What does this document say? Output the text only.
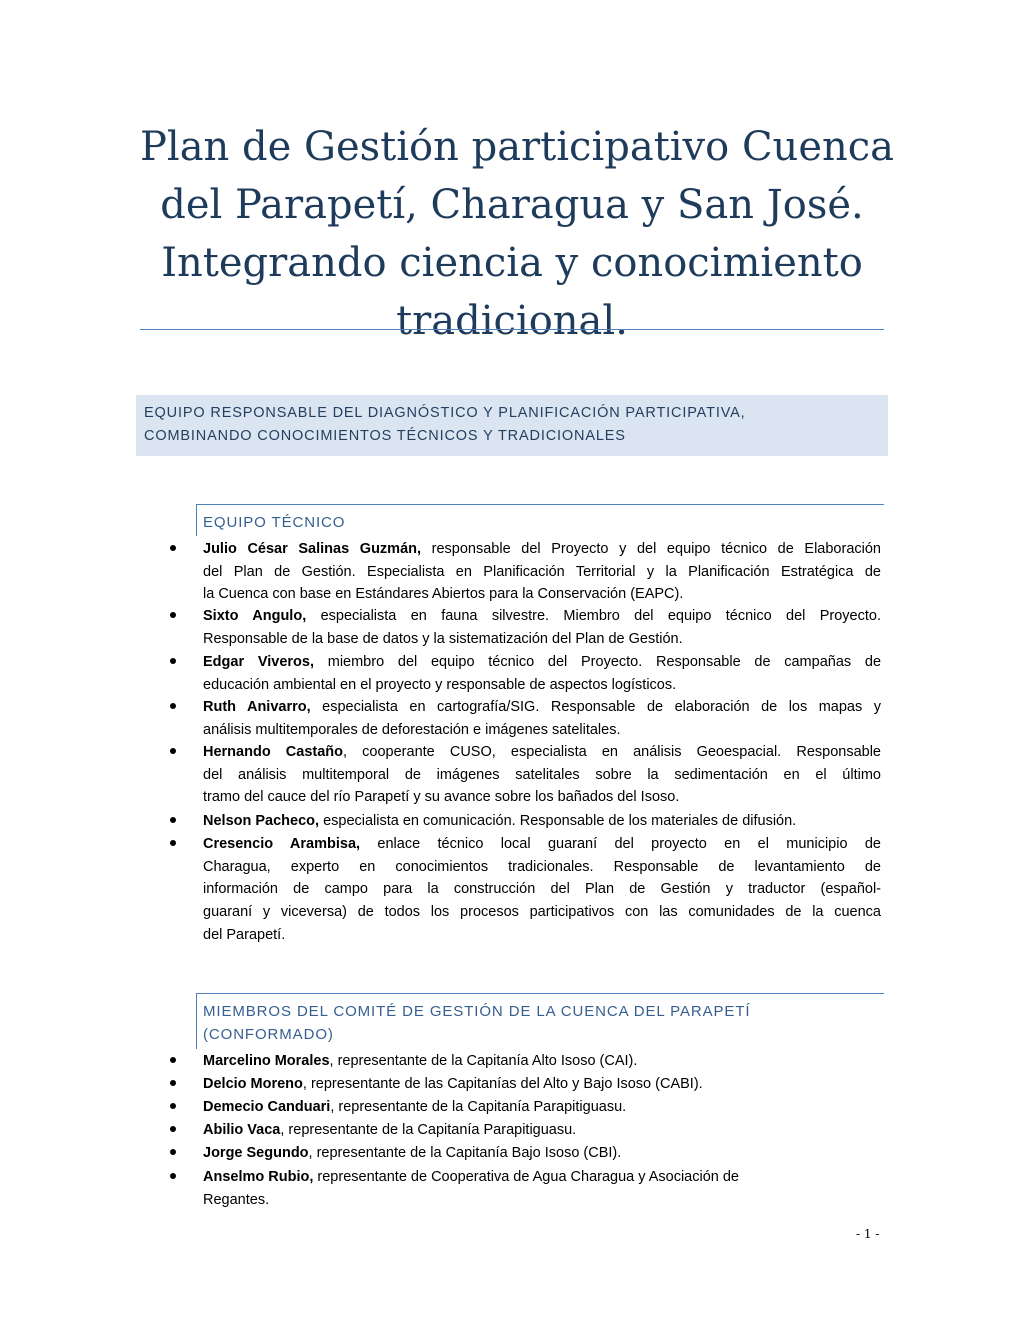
Plan de Gestión participativo Cuenca
del Parapetí, Charagua y San José.
Integrando ciencia y conocimiento
tradicional.
EQUIPO RESPONSABLE DEL DIAGNÓSTICO Y PLANIFICACIÓN PARTICIPATIVA,
COMBINANDO CONOCIMIENTOS TÉCNICOS Y TRADICIONALES
EQUIPO TÉCNICO
MIEMBROS DEL COMITÉ DE GESTIÓN DE LA CUENCA DEL PARAPETÍ
(CONFORMADO)
Julio César Salinas Guzmán, responsable del Proyecto y del equipo técnico de Elaboración
del Plan de Gestión. Especialista en Planificación Territorial y la Planificación Estratégica de
la Cuenca con base en Estándares Abiertos para la Conservación (EAPC).
Sixto Angulo, especialista en fauna silvestre. Miembro del equipo técnico del Proyecto.
Responsable de la base de datos y la sistematización del Plan de Gestión.
Edgar Viveros, miembro del equipo técnico del Proyecto. Responsable de campañas de
educación ambiental en el proyecto y responsable de aspectos logísticos.
Ruth Anivarro, especialista en cartografía/SIG. Responsable de elaboración de los mapas y
análisis multitemporales de deforestación e imágenes satelitales.
Hernando Castaño, cooperante CUSO, especialista en análisis Geoespacial. Responsable
del análisis multitemporal de imágenes satelitales sobre la sedimentación en el último
tramo del cauce del río Parapetí y su avance sobre los bañados del Isoso.
Nelson Pacheco, especialista en comunicación. Responsable de los materiales de difusión.
Cresencio Arambisa, enlace técnico local guaraní del proyecto en el municipio de
Charagua, experto en conocimientos tradicionales. Responsable de levantamiento de
información de campo para la construcción del Plan de Gestión y traductor (español-
guaraní y viceversa) de todos los procesos participativos con las comunidades de la cuenca
del Parapetí.
Marcelino Morales, representante de la Capitanía Alto Isoso (CAI).
Delcio Moreno, representante de las Capitanías del Alto y Bajo Isoso (CABI).
Demecio Canduari, representante de la Capitanía Parapitiguasu.
Abilio Vaca, representante de la Capitanía Parapitiguasu.
Jorge Segundo, representante de la Capitanía Bajo Isoso (CBI).
Anselmo Rubio, representante de Cooperativa de Agua Charagua y Asociación de
Regantes.
- 1 -
